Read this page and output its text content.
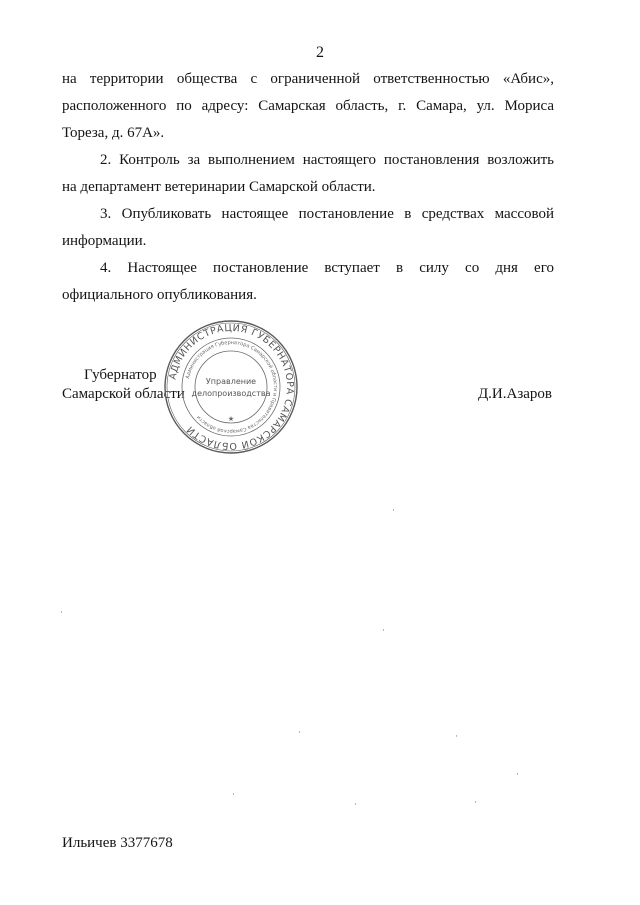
2

на территории общества с ограниченной ответственностью «Абис»,

расположенного по адресу: Самарская область, г. Самара, ул. Мориса

Тореза, д. 67А».

2. Контроль за выполнением настоящего постановления возложить

на департамент ветеринарии Самарской области.

3. Опубликовать настоящее постановление в средствах массовой

информации.

4. Настоящее постановление вступает в силу со дня его

официального опубликования.

Губернатор
Самарской области	Д.И.Азаров
АДМИНИСТРАЦИЯ ГУБЕРНАТОРА САМАРСКОЙ ОБЛАСТИ
Администрация Губернатора Самарской области и Правительства Самарской области
Управление
делопроизводства
★
Ильичев 3377678
·
·
·
·	·
·
·	·
·
